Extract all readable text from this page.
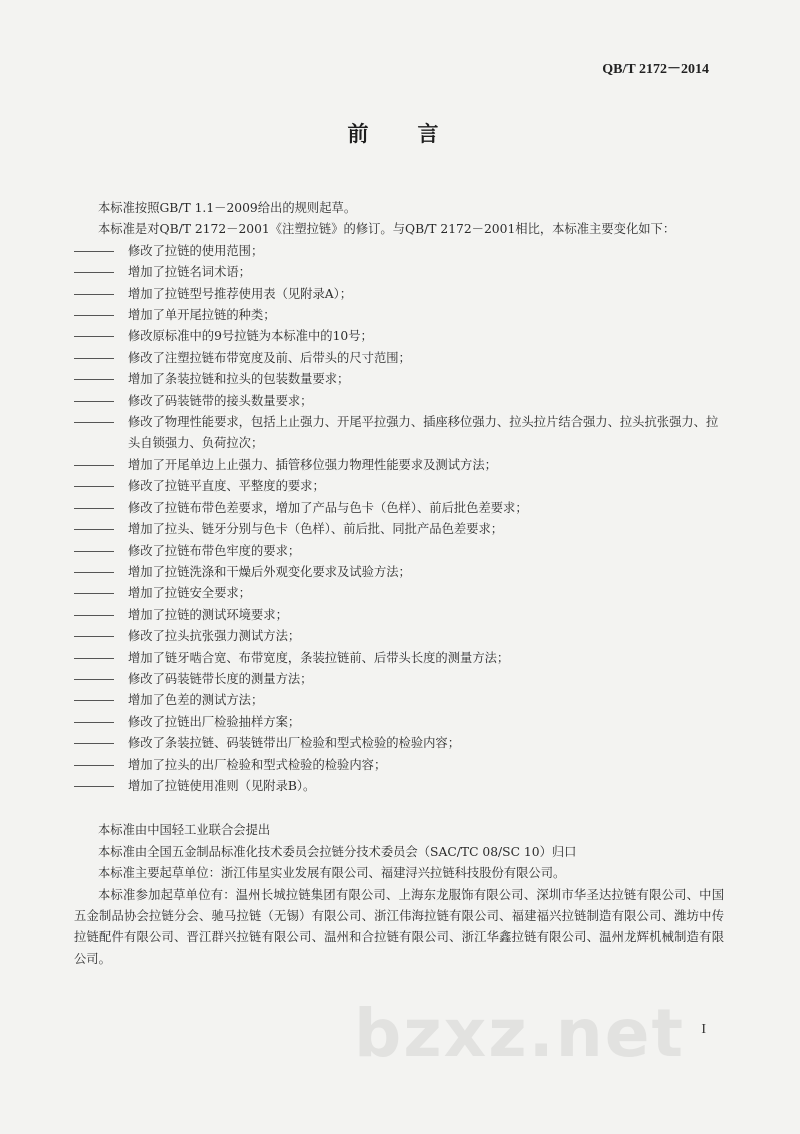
QB/T 2172－2014
前　言

本标准按照GB/T 1.1－2009给出的规则起草。

本标准是对QB/T 2172－2001《注塑拉链》的修订。与QB/T 2172－2001相比，本标准主要变化如下：

修改了拉链的使用范围；
增加了拉链名词术语；
增加了拉链型号推荐使用表（见附录A）；
增加了单开尾拉链的种类；
修改原标准中的9号拉链为本标准中的10号；
修改了注塑拉链布带宽度及前、后带头的尺寸范围；
增加了条装拉链和拉头的包装数量要求；
修改了码装链带的接头数量要求；
修改了物理性能要求，包括上止强力、开尾平拉强力、插座移位强力、拉头拉片结合强力、拉头抗张强力、拉头自锁强力、负荷拉次；
增加了开尾单边上止强力、插管移位强力物理性能要求及测试方法；
修改了拉链平直度、平整度的要求；
修改了拉链布带色差要求，增加了产品与色卡（色样）、前后批色差要求；
增加了拉头、链牙分别与色卡（色样）、前后批、同批产品色差要求；
修改了拉链布带色牢度的要求；
增加了拉链洗涤和干燥后外观变化要求及试验方法；
增加了拉链安全要求；
增加了拉链的测试环境要求；
修改了拉头抗张强力测试方法；
增加了链牙啮合宽、布带宽度，条装拉链前、后带头长度的测量方法；
修改了码装链带长度的测量方法；
增加了色差的测试方法；
修改了拉链出厂检验抽样方案；
修改了条装拉链、码装链带出厂检验和型式检验的检验内容；
增加了拉头的出厂检验和型式检验的检验内容；
增加了拉链使用准则（见附录B）。

本标准由中国轻工业联合会提出

本标准由全国五金制品标准化技术委员会拉链分技术委员会（SAC/TC 08/SC 10）归口

本标准主要起草单位：浙江伟星实业发展有限公司、福建浔兴拉链科技股份有限公司。

本标准参加起草单位有：温州长城拉链集团有限公司、上海东龙服饰有限公司、深圳市华圣达拉链有限公司、中国五金制品协会拉链分会、驰马拉链（无锡）有限公司、浙江伟海拉链有限公司、福建福兴拉链制造有限公司、潍坊中传拉链配件有限公司、晋江群兴拉链有限公司、温州和合拉链有限公司、浙江华鑫拉链有限公司、温州龙辉机械制造有限公司。

bzxz.net I
